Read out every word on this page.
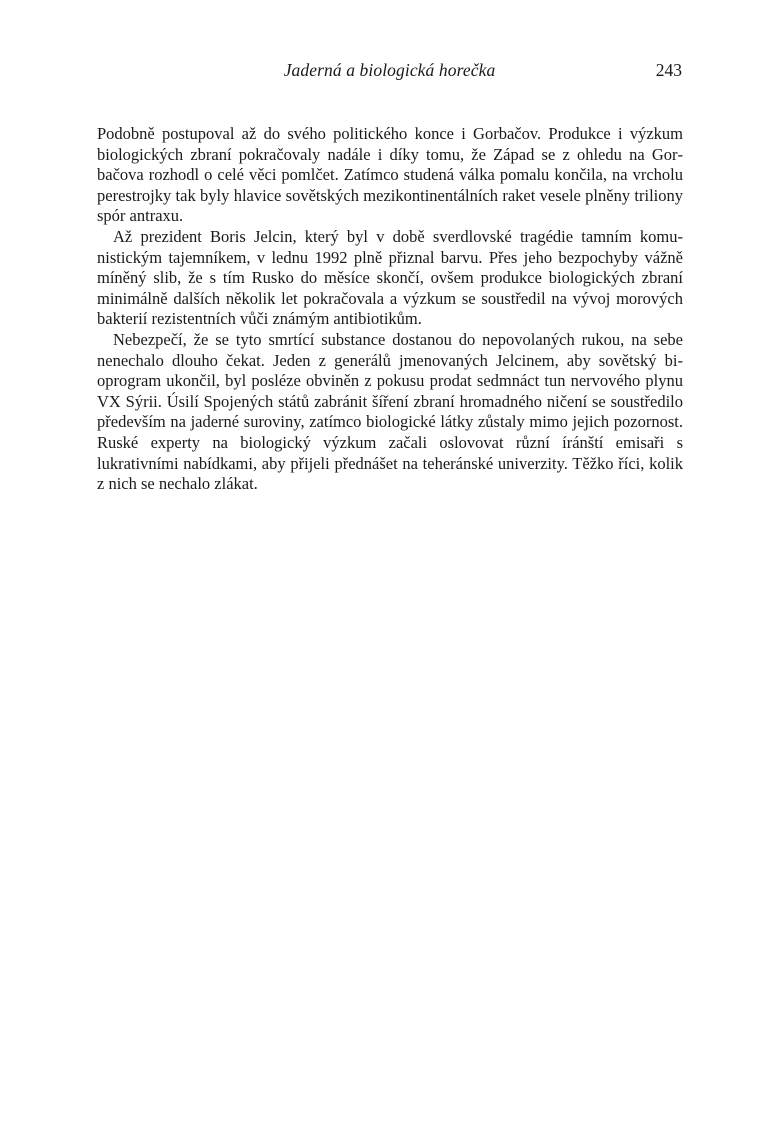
Jaderná a biologická horečka	243

Podobně postupoval až do svého politického konce i Gorbačov. Produkce i výzkum biologických zbraní pokračovaly nadále i díky tomu, že Západ se z ohledu na Gorbačova rozhodl o celé věci pomlčet. Zatímco studená válka pomalu končila, na vrcholu perestrojky tak byly hlavice sovětských mezikontinentálních raket vesele plněny triliony spór antraxu.

Až prezident Boris Jelcin, který byl v době sverdlovské tragédie tamním komunistickým tajemníkem, v lednu 1992 plně přiznal barvu. Přes jeho bezpochyby vážně míněný slib, že s tím Rusko do měsíce skončí, ovšem produkce biologických zbraní minimálně dalších několik let pokračovala a výzkum se soustředil na vývoj morových bakterií rezistentních vůči známým antibiotikům.

Nebezpečí, že se tyto smrtící substance dostanou do nepovolaných rukou, na sebe nenechalo dlouho čekat. Jeden z generálů jmenovaných Jelcinem, aby sovětský bioprogram ukončil, byl posléze obviněn z pokusu prodat sedmnáct tun nervového plynu VX Sýrii. Úsilí Spojených států zabránit šíření zbraní hromadného ničení se soustředilo především na jaderné suroviny, zatímco biologické látky zůstaly mimo jejich pozornost. Ruské experty na biologický výzkum začali oslovovat různí íránští emisaři s lukrativními nabídkami, aby přijeli přednášet na teheránské univerzity. Těžko říci, kolik z nich se nechalo zlákat.
